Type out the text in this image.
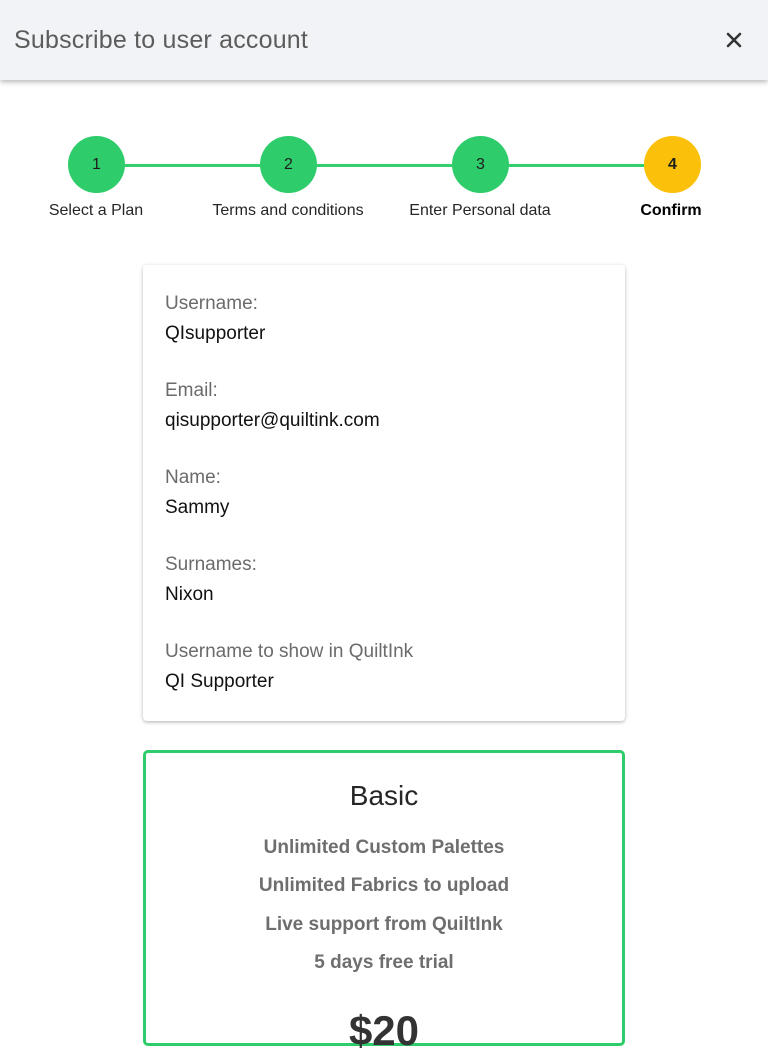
Subscribe to user account
1	2	3	4
Select a Plan	Terms and conditions	Enter Personal data	Confirm
Username:
QIsupporter
Email:
qisupporter@quiltink.com
Name:
Sammy
Surnames:
Nixon
Username to show in QuiltInk
QI Supporter
Basic
Unlimited Custom Palettes
Unlimited Fabrics to upload
Live support from QuiltInk
5 days free trial
$20
